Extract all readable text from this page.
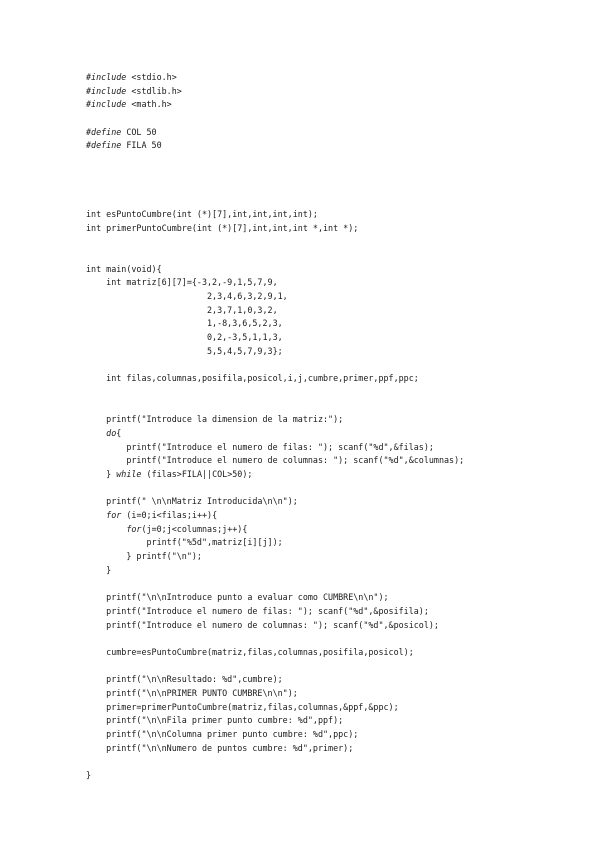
#include <stdio.h>
#include <stdlib.h>
#include <math.h>

#define COL 50
#define FILA 50

int esPuntoCumbre(int (*)[7],int,int,int,int);
int primerPuntoCumbre(int (*)[7],int,int,int *,int *);

int main(void){
int matriz[6][7]={-3,2,-9,1,5,7,9,
2,3,4,6,3,2,9,1,
2,3,7,1,0,3,2,
1,-8,3,6,5,2,3,
0,2,-3,5,1,1,3,
5,5,4,5,7,9,3};

int filas,columnas,posifila,posicol,i,j,cumbre,primer,ppf,ppc;

printf("Introduce la dimension de la matriz:");
do{
printf("Introduce el numero de filas: "); scanf("%d",&filas);
printf("Introduce el numero de columnas: "); scanf("%d",&columnas);
} while (filas>FILA||COL>50);

printf(" \n\nMatriz Introducida\n\n");
for (i=0;i<filas;i++){
for(j=0;j<columnas;j++){
printf("%5d",matriz[i][j]);
} printf("\n");
}

printf("\n\nIntroduce punto a evaluar como CUMBRE\n\n");
printf("Introduce el numero de filas: "); scanf("%d",&posifila);
printf("Introduce el numero de columnas: "); scanf("%d",&posicol);

cumbre=esPuntoCumbre(matriz,filas,columnas,posifila,posicol);

printf("\n\nResultado: %d",cumbre);
printf("\n\nPRIMER PUNTO CUMBRE\n\n");
primer=primerPuntoCumbre(matriz,filas,columnas,&ppf,&ppc);
printf("\n\nFila primer punto cumbre: %d",ppf);
printf("\n\nColumna primer punto cumbre: %d",ppc);
printf("\n\nNumero de puntos cumbre: %d",primer);

}
